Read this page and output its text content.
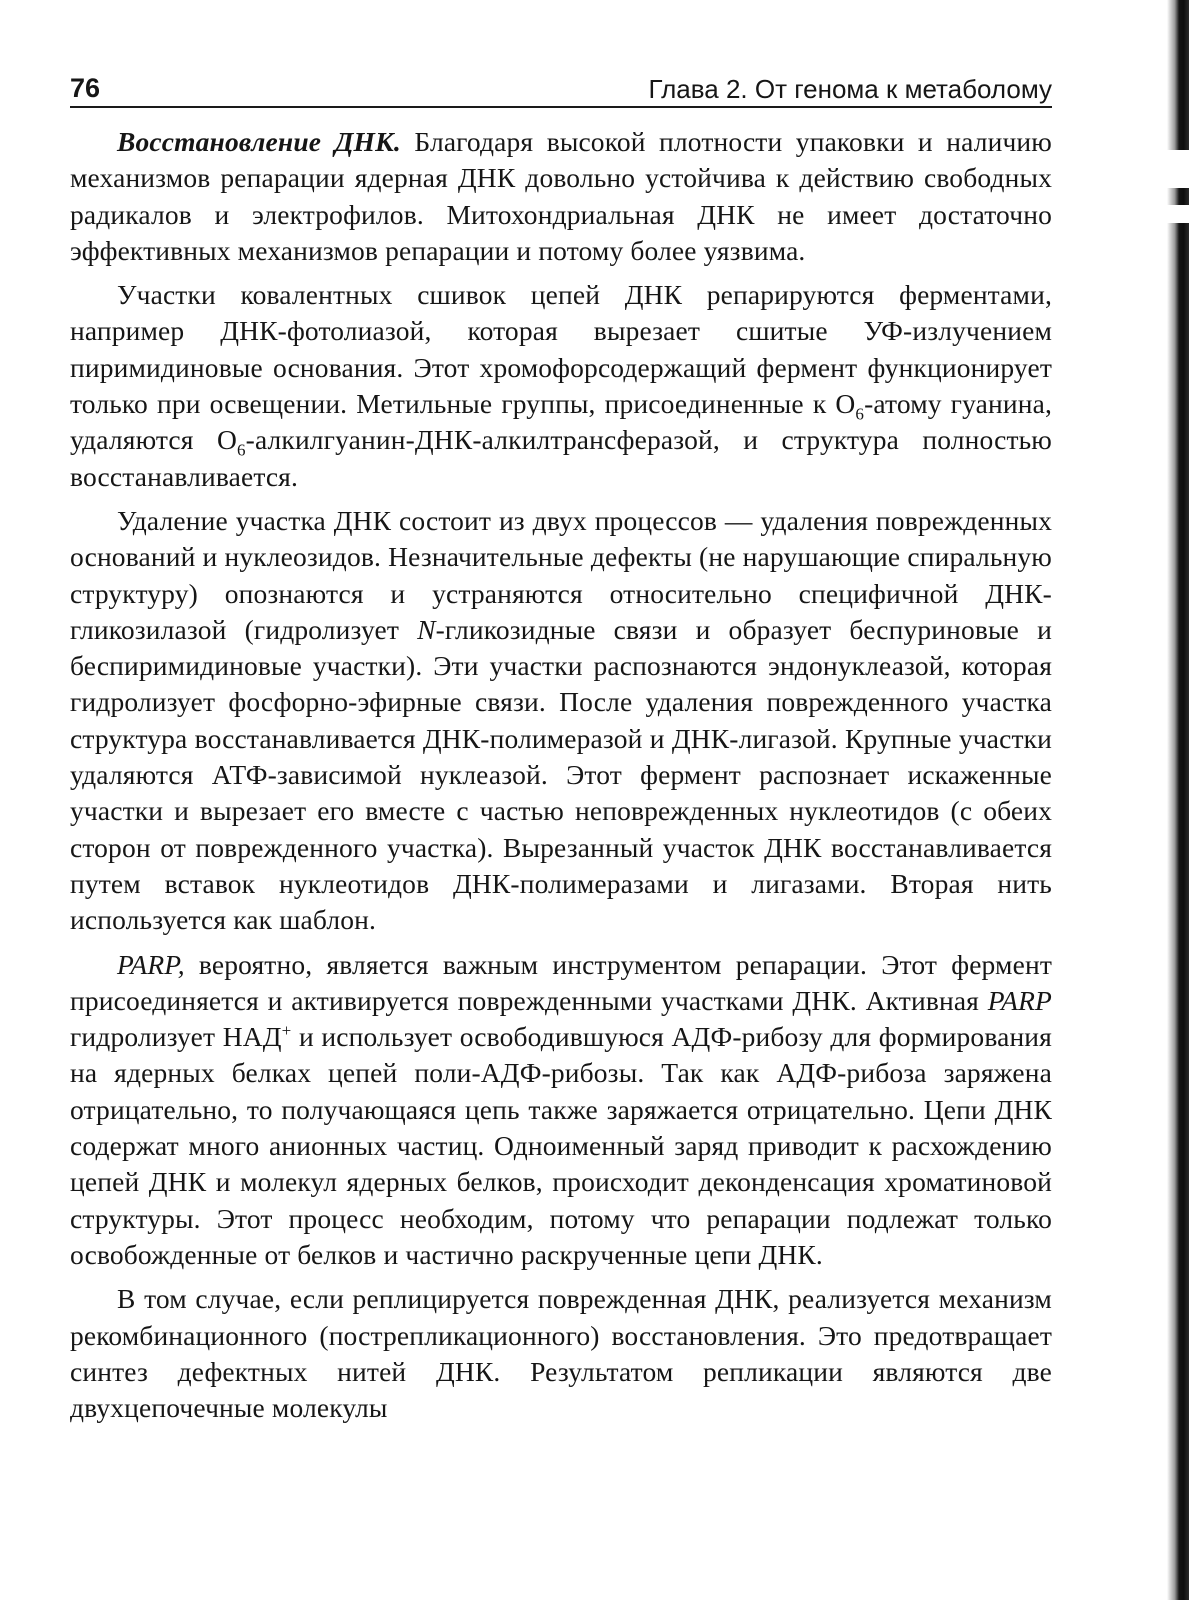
76	Глава 2. От генома к метаболому

Восстановление ДНК. Благодаря высокой плотности упаковки и наличию механизмов репарации ядерная ДНК довольно устойчива к действию свободных радикалов и электрофилов. Митохондриальная ДНК не имеет достаточно эффективных механизмов репарации и потому более уязвима.

Участки ковалентных сшивок цепей ДНК репарируются ферментами, например ДНК-фотолиазой, которая вырезает сшитые УФ-излучением пиримидиновые основания. Этот хромофорсодержащий фермент функционирует только при освещении. Метильные группы, присоединенные к $O_6$-атому гуанина, удаляются $O_6-алкилгуанин-ДНК$-алкилтрансферазой, и структура полностью восстанавливается.

Удаление участка ДНК состоит из двух процессов — удаления поврежденных оснований и нуклеозидов. Незначительные дефекты (не нарушающие спиральную структуру) опознаются и устраняются относительно специфичной ДНК-гликозилазой (гидролизует N-гликозидные связи и образует беспуриновые и беспиримидиновые участки). Эти участки распознаются эндонуклеазой, которая гидролизует фосфорно-эфирные связи. После удаления поврежденного участка структура восстанавливается ДНК-полимеразой и ДНК-лигазой. Крупные участки удаляются АТФ-зависимой нуклеазой. Этот фермент распознает искаженные участки и вырезает его вместе с частью неповрежденных нуклеотидов (с обеих сторон от поврежденного участка). Вырезанный участок ДНК восстанавливается путем вставок нуклеотидов ДНК-полимеразами и лигазами. Вторая нить используется как шаблон.

PARP, вероятно, является важным инструментом репарации. Этот фермент присоединяется и активируется поврежденными участками ДНК. Активная PARP гидролизует НАД+ и использует освободившуюся АДФ-рибозу для формирования на ядерных белках цепей поли-АДФ-рибозы. Так как АДФ-рибоза заряжена отрицательно, то получающаяся цепь также заряжается отрицательно. Цепи ДНК содержат много анионных частиц. Одноименный заряд приводит к расхождению цепей ДНК и молекул ядерных белков, происходит деконденсация хроматиновой структуры. Этот процесс необходим, потому что репарации подлежат только освобожденные от белков и частично раскрученные цепи ДНК.

В том случае, если реплицируется поврежденная ДНК, реализуется механизм рекомбинационного (пострепликационного) восстановления. Это предотвращает синтез дефектных нитей ДНК. Результатом репликации являются две двухцепочечные молекулы
